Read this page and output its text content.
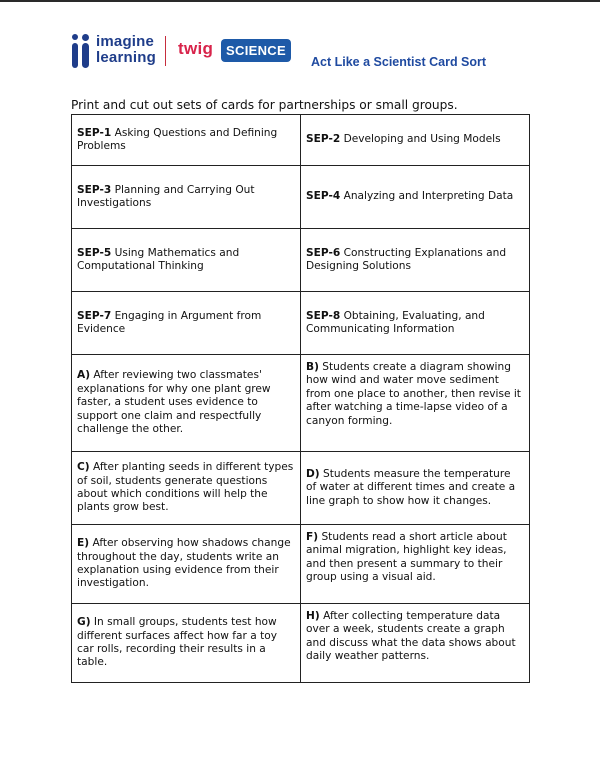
imagine
learning twig SCIENCE
Act Like a Scientist Card Sort
Print and cut out sets of cards for partnerships or small groups.
SEP-1 Asking Questions and Defining Problems	SEP-2 Developing and Using Models
SEP-3 Planning and Carrying Out Investigations	SEP-4 Analyzing and Interpreting Data
SEP-5 Using Mathematics and Computational Thinking	SEP-6 Constructing Explanations and Designing Solutions
SEP-7 Engaging in Argument from Evidence	SEP-8 Obtaining, Evaluating, and Communicating Information
A) After reviewing two classmates' explanations for why one plant grew faster, a student uses evidence to support one claim and respectfully challenge the other.	B) Students create a diagram showing how wind and water move sediment from one place to another, then revise it after watching a time-lapse video of a canyon forming.
C) After planting seeds in different types of soil, students generate questions about which conditions will help the plants grow best.	D) Students measure the temperature of water at different times and create a line graph to show how it changes.
E) After observing how shadows change throughout the day, students write an explanation using evidence from their investigation.	F) Students read a short article about animal migration, highlight key ideas, and then present a summary to their group using a visual aid.
G) In small groups, students test how different surfaces affect how far a toy car rolls, recording their results in a table.	H) After collecting temperature data over a week, students create a graph and discuss what the data shows about daily weather patterns.
